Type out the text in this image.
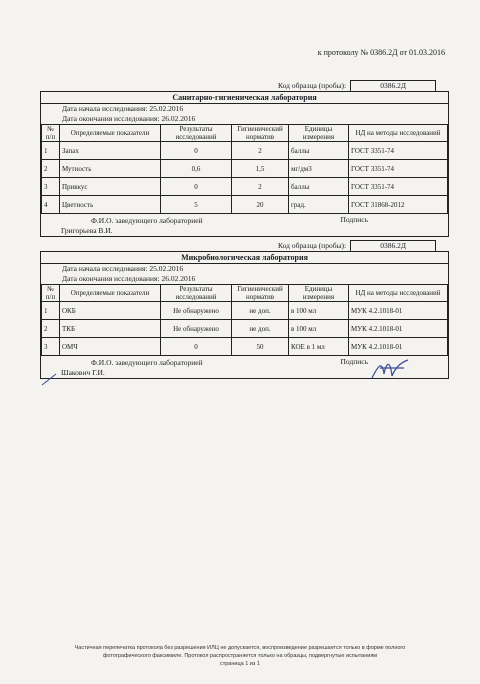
к протоколу № 0386.2Д от 01.03.2016
Код образца (пробы):	0386.2Д
Санитарно-гигиеническая лаборатория
Дата начала исследования: 25.02.2016
Дата окончания исследования: 26.02.2016
№ п/п	Определяемые показатели	Результаты исследований	Гигиенический норматив	Единицы измерения	НД на методы исследований
1	Запах	0	2	баллы	ГОСТ 3351-74
2	Мутность	0,6	1,5	мг/дм3	ГОСТ 3351-74
3	Привкус	0	2	баллы	ГОСТ 3351-74
4	Цветность	5	20	град.	ГОСТ 31868-2012
Ф.И.О. заведующего лабораторией	Подпись
Григорьева В.И.
Код образца (пробы):	0386.2Д
Микробиологическая лаборатория
Дата начала исследования: 25.02.2016
Дата окончания исследования: 26.02.2016
№ п/п	Определяемые показатели	Результаты исследований	Гигиенический норматив	Единицы измерения	НД на методы исследований
1	ОКБ	Не обнаружено	не доп.	в 100 мл	МУК 4.2.1018-01
2	ТКБ	Не обнаружено	не доп.	в 100 мл	МУК 4.2.1018-01
3	ОМЧ	0	50	КОЕ в 1 мл	МУК 4.2.1018-01
Ф.И.О. заведующего лабораторией	Подпись
Шакович Г.И.
Частичная перепечатка протокола без разрешения ИЛЦ не допускается, воспроизведение разрешается только в форме полного
фотографического факсимиле. Протокол распространяется только на образцы, подвергнутые испытаниям
страница 1 из 1
